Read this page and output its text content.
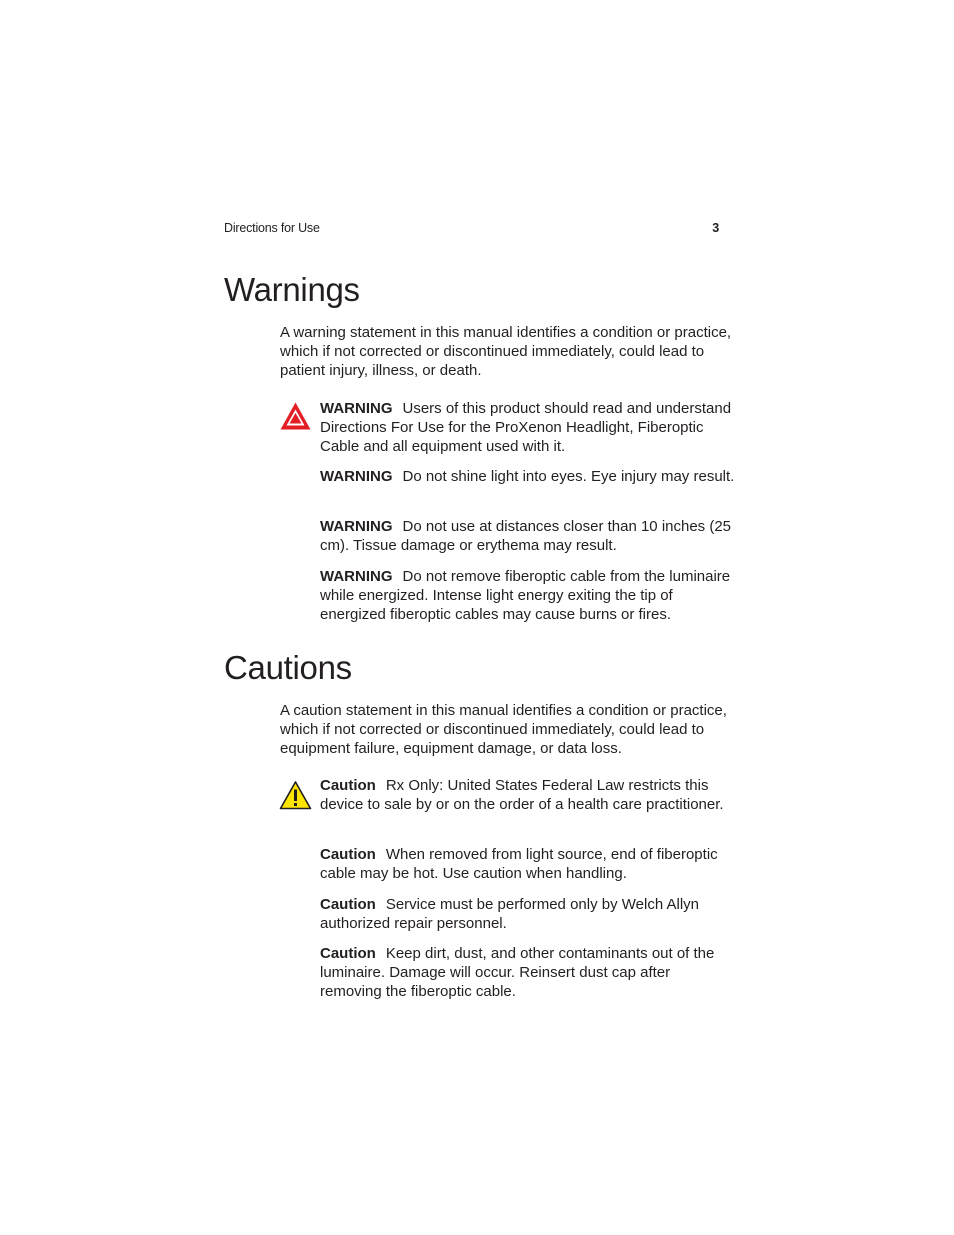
Directions for Use	3
Warnings

A warning statement in this manual identifies a condition or practice, which if not corrected or discontinued immediately, could lead to patient injury, illness, or death.

WARNING Users of this product should read and understand Directions For Use for the ProXenon Headlight, Fiberoptic Cable and all equipment used with it.

WARNING Do not shine light into eyes. Eye injury may result.

WARNING Do not use at distances closer than 10 inches (25 cm). Tissue damage or erythema may result.

WARNING Do not remove fiberoptic cable from the luminaire while energized. Intense light energy exiting the tip of energized fiberoptic cables may cause burns or fires.

Cautions

A caution statement in this manual identifies a condition or practice, which if not corrected or discontinued immediately, could lead to equipment failure, equipment damage, or data loss.

Caution Rx Only: United States Federal Law restricts this device to sale by or on the order of a health care practitioner.

Caution When removed from light source, end of fiberoptic cable may be hot. Use caution when handling.

Caution Service must be performed only by Welch Allyn authorized repair personnel.

Caution Keep dirt, dust, and other contaminants out of the luminaire. Damage will occur. Reinsert dust cap after removing the fiberoptic cable.
